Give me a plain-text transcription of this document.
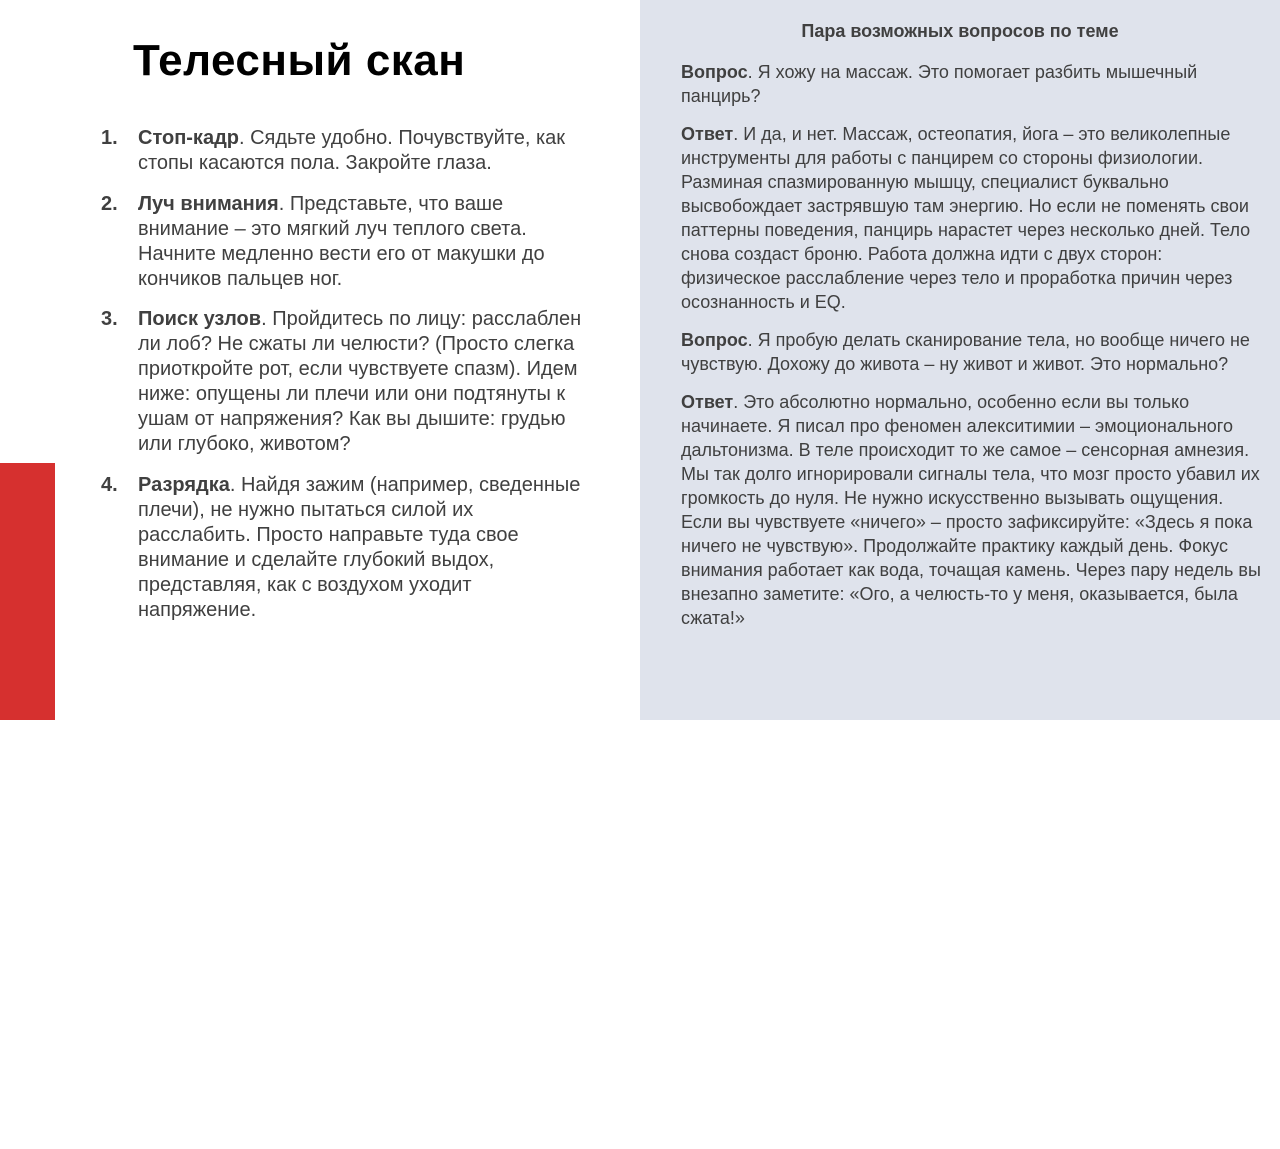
Телесный скан
1. Стоп-кадр. Сядьте удобно. Почувствуйте, как стопы касаются пола. Закройте глаза.
2. Луч внимания. Представьте, что ваше внимание – это мягкий луч теплого света. Начните медленно вести его от макушки до кончиков пальцев ног.
3. Поиск узлов. Пройдитесь по лицу: расслаблен ли лоб? Не сжаты ли челюсти? (Просто слегка приоткройте рот, если чувствуете спазм). Идем ниже: опущены ли плечи или они подтянуты к ушам от напряжения? Как вы дышите: грудью или глубоко, животом?
4. Разрядка. Найдя зажим (например, сведенные плечи), не нужно пытаться силой их расслабить. Просто направьте туда свое внимание и сделайте глубокий выдох, представляя, как с воздухом уходит напряжение.
АнтиПсихоз
Пара возможных вопросов по теме

Вопрос. Я хожу на массаж. Это помогает разбить мышечный панцирь?

Ответ. И да, и нет. Массаж, остеопатия, йога – это великолепные инструменты для работы с панцирем со стороны физиологии. Разминая спазмированную мышцу, специалист буквально высвобождает застрявшую там энергию. Но если не поменять свои паттерны поведения, панцирь нарастет через несколько дней. Тело снова создаст броню. Работа должна идти с двух сторон: физическое расслабление через тело и проработка причин через осознанность и EQ.

Вопрос. Я пробую делать сканирование тела, но вообще ничего не чувствую. Дохожу до живота – ну живот и живот. Это нормально?

Ответ. Это абсолютно нормально, особенно если вы только начинаете. Я писал про феномен алекситимии – эмоционального дальтонизма. В теле происходит то же самое – сенсорная амнезия. Мы так долго игнорировали сигналы тела, что мозг просто убавил их громкость до нуля. Не нужно искусственно вызывать ощущения. Если вы чувствуете «ничего» – просто зафиксируйте: «Здесь я пока ничего не чувствую». Продолжайте практику каждый день. Фокус внимания работает как вода, точащая камень. Через пару недель вы внезапно заметите: «Ого, а челюсть-то у меня, оказывается, была сжата!»
